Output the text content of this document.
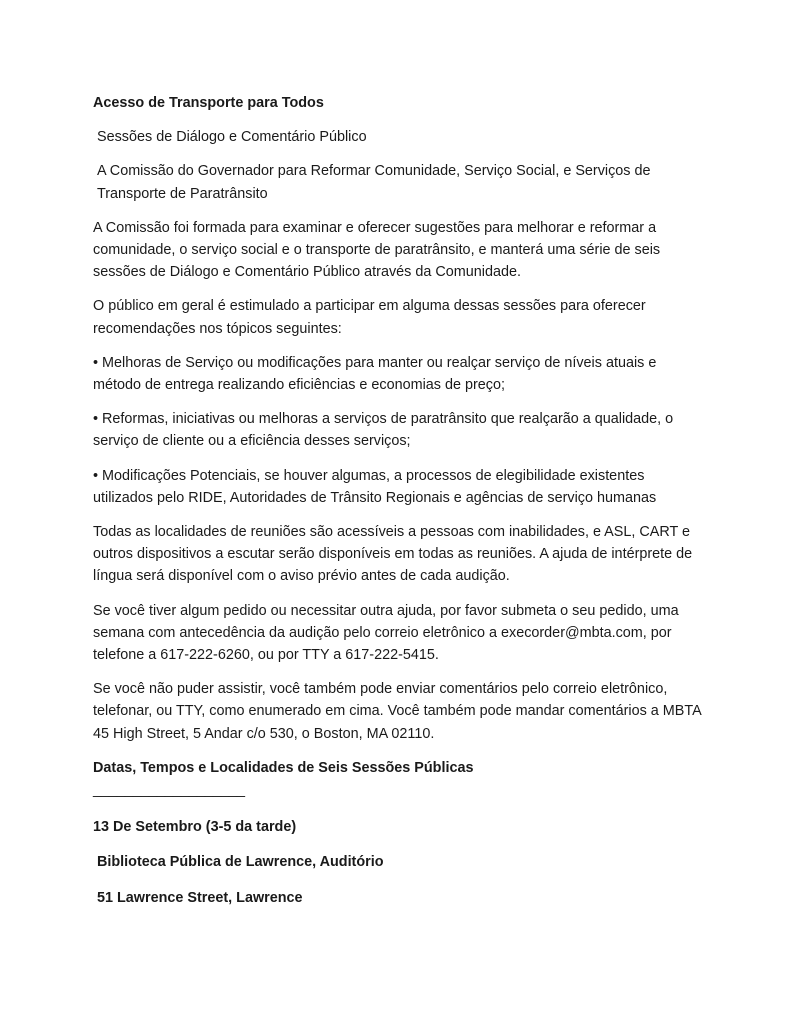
Acesso de Transporte para Todos

Sessões de Diálogo e Comentário Público

A Comissão do Governador para Reformar Comunidade, Serviço Social, e Serviços de
Transporte de Paratrânsito

A Comissão foi formada para examinar e oferecer sugestões para melhorar e reformar a
comunidade, o serviço social e o transporte de paratrânsito, e manterá uma série de seis
sessões de Diálogo e Comentário Público através da Comunidade.

O público em geral é estimulado a participar em alguma dessas sessões para oferecer
recomendações nos tópicos seguintes:

• Melhoras de Serviço ou modificações para manter ou realçar serviço de níveis atuais e
método de entrega realizando eficiências e economias de preço;

• Reformas, iniciativas ou melhoras a serviços de paratrânsito que realçarão a qualidade, o
serviço de cliente ou a eficiência desses serviços;

• Modificações Potenciais, se houver algumas, a processos de elegibilidade existentes
utilizados pelo RIDE, Autoridades de Trânsito Regionais e agências de serviço humanas

Todas as localidades de reuniões são acessíveis a pessoas com inabilidades, e ASL, CART e
outros dispositivos a escutar serão disponíveis em todas as reuniões. A ajuda de intérprete de
língua será disponível com o aviso prévio antes de cada audição.

Se você tiver algum pedido ou necessitar outra ajuda, por favor submeta o seu pedido, uma
semana com antecedência da audição pelo correio eletrônico a execorder@mbta.com, por
telefone a 617-222-6260, ou por TTY a 617-222-5415.

Se você não puder assistir, você também pode enviar comentários pelo correio eletrônico,
telefonar, ou TTY, como enumerado em cima. Você também pode mandar comentários a MBTA
45 High Street, 5 Andar c/o 530, o Boston, MA 02110.

Datas, Tempos e Localidades de Seis Sessões Públicas

___________________

13 De Setembro (3-5 da tarde)

Biblioteca Pública de Lawrence, Auditório

51 Lawrence Street, Lawrence
